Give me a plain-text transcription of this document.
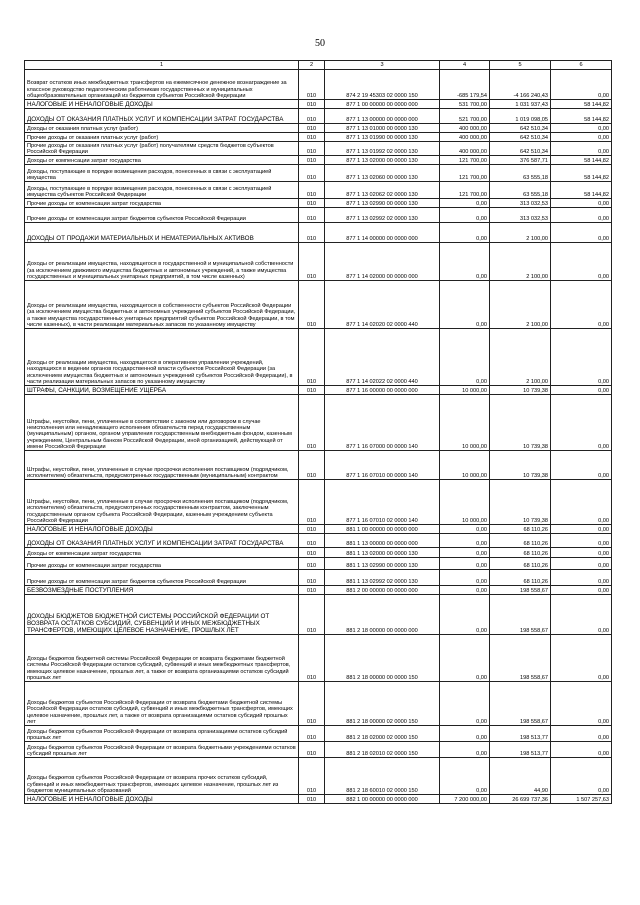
50
1	2	3	4	5	6
Возврат остатков иных межбюджетных трансфертов на ежемесячное денежное вознаграждение за классное руководство педагогическим работникам государственных и муниципальных общеобразовательных организаций из бюджетов субъектов Российской Федерации	010	874 2 19 45303 02 0000 150	-685 179,54	-4 166 240,43	0,00
НАЛОГОВЫЕ И НЕНАЛОГОВЫЕ ДОХОДЫ	010	877 1 00 00000 00 0000 000	531 700,00	1 031 937,43	58 144,82
ДОХОДЫ ОТ ОКАЗАНИЯ ПЛАТНЫХ УСЛУГ И КОМПЕНСАЦИИ ЗАТРАТ ГОСУДАРСТВА	010	877 1 13 00000 00 0000 000	521 700,00	1 019 098,05	58 144,82
Доходы от оказания платных услуг (работ)	010	877 1 13 01000 00 0000 130	400 000,00	642 510,34	0,00
Прочие доходы от оказания платных услуг (работ)	010	877 1 13 01990 00 0000 130	400 000,00	642 510,34	0,00
Прочие доходы от оказания платных услуг (работ) получателями средств бюджетов субъектов Российской Федерации	010	877 1 13 01992 02 0000 130	400 000,00	642 510,34	0,00
Доходы от компенсации затрат государства	010	877 1 13 02000 00 0000 130	121 700,00	376 587,71	58 144,82
Доходы, поступающие в порядке возмещения расходов, понесенных в связи с эксплуатацией имущества	010	877 1 13 02060 00 0000 130	121 700,00	63 555,18	58 144,82
Доходы, поступающие в порядке возмещения расходов, понесенных в связи с эксплуатацией имущества субъектов Российской Федерации	010	877 1 13 02062 02 0000 130	121 700,00	63 555,18	58 144,82
Прочие доходы от компенсации затрат государства	010	877 1 13 02990 00 0000 130	0,00	313 032,53	0,00
Прочие доходы от компенсации затрат бюджетов субъектов Российской Федерации	010	877 1 13 02992 02 0000 130	0,00	313 032,53	0,00
ДОХОДЫ ОТ ПРОДАЖИ МАТЕРИАЛЬНЫХ И НЕМАТЕРИАЛЬНЫХ АКТИВОВ	010	877 1 14 00000 00 0000 000	0,00	2 100,00	0,00
Доходы от реализации имущества, находящегося в государственной и муниципальной собственности (за исключением движимого имущества бюджетных и автономных учреждений, а также имущества государственных и муниципальных унитарных предприятий, в том числе казенных)	010	877 1 14 02000 00 0000 000	0,00	2 100,00	0,00
Доходы от реализации имущества, находящегося в собственности субъектов Российской Федерации (за исключением имущества бюджетных и автономных учреждений субъектов Российской Федерации, а также имущества государственных унитарных предприятий субъектов Российской Федерации, в том числе казенных), в части реализации материальных запасов по указанному имуществу	010	877 1 14 02020 02 0000 440	0,00	2 100,00	0,00
Доходы от реализации имущества, находящегося в оперативном управлении учреждений, находящихся в ведении органов государственной власти субъектов Российской Федерации (за исключением имущества бюджетных и автономных учреждений субъектов Российской Федерации), в части реализации материальных запасов по указанному имуществу	010	877 1 14 02022 02 0000 440	0,00	2 100,00	0,00
ШТРАФЫ, САНКЦИИ, ВОЗМЕЩЕНИЕ УЩЕРБА	010	877 1 16 00000 00 0000 000	10 000,00	10 739,38	0,00
Штрафы, неустойки, пени, уплаченные в соответствии с законом или договором в случае неисполнения или ненадлежащего исполнения обязательств перед государственным (муниципальным) органом, органом управления государственным внебюджетным фондом, казенным учреждением, Центральным банком Российской Федерации, иной организацией, действующей от имени Российской Федерации	010	877 1 16 07000 00 0000 140	10 000,00	10 739,38	0,00
Штрафы, неустойки, пени, уплаченные в случае просрочки исполнения поставщиком (подрядчиком, исполнителем) обязательств, предусмотренных государственным (муниципальным) контрактом	010	877 1 16 07010 00 0000 140	10 000,00	10 739,38	0,00
Штрафы, неустойки, пени, уплаченные в случае просрочки исполнения поставщиком (подрядчиком, исполнителем) обязательств, предусмотренных государственным контрактом, заключенным государственным органом субъекта Российской Федерации, казенным учреждением субъекта Российской Федерации	010	877 1 16 07010 02 0000 140	10 000,00	10 739,38	0,00
НАЛОГОВЫЕ И НЕНАЛОГОВЫЕ ДОХОДЫ	010	881 1 00 00000 00 0000 000	0,00	68 110,26	0,00
ДОХОДЫ ОТ ОКАЗАНИЯ ПЛАТНЫХ УСЛУГ И КОМПЕНСАЦИИ ЗАТРАТ ГОСУДАРСТВА	010	881 1 13 00000 00 0000 000	0,00	68 110,26	0,00
Доходы от компенсации затрат государства	010	881 1 13 02000 00 0000 130	0,00	68 110,26	0,00
Прочие доходы от компенсации затрат государства	010	881 1 13 02990 00 0000 130	0,00	68 110,26	0,00
Прочие доходы от компенсации затрат бюджетов субъектов Российской Федерации	010	881 1 13 02992 02 0000 130	0,00	68 110,26	0,00
БЕЗВОЗМЕЗДНЫЕ ПОСТУПЛЕНИЯ	010	881 2 00 00000 00 0000 000	0,00	198 558,67	0,00
ДОХОДЫ БЮДЖЕТОВ БЮДЖЕТНОЙ СИСТЕМЫ РОССИЙСКОЙ ФЕДЕРАЦИИ ОТ ВОЗВРАТА ОСТАТКОВ СУБСИДИЙ, СУБВЕНЦИЙ И ИНЫХ МЕЖБЮДЖЕТНЫХ ТРАНСФЕРТОВ, ИМЕЮЩИХ ЦЕЛЕВОЕ НАЗНАЧЕНИЕ, ПРОШЛЫХ ЛЕТ	010	881 2 18 00000 00 0000 000	0,00	198 558,67	0,00
Доходы бюджетов бюджетной системы Российской Федерации от возврата бюджетами бюджетной системы Российской Федерации остатков субсидий, субвенций и иных межбюджетных трансфертов, имеющих целевое назначение, прошлых лет, а также от возврата организациями остатков субсидий прошлых лет	010	881 2 18 00000 00 0000 150	0,00	198 558,67	0,00
Доходы бюджетов субъектов Российской Федерации от возврата бюджетами бюджетной системы Российской Федерации остатков субсидий, субвенций и иных межбюджетных трансфертов, имеющих целевое назначение, прошлых лет, а также от возврата организациями остатков субсидий прошлых лет	010	881 2 18 00000 02 0000 150	0,00	198 558,67	0,00
Доходы бюджетов субъектов Российской Федерации от возврата организациями остатков субсидий прошлых лет	010	881 2 18 02000 02 0000 150	0,00	198 513,77	0,00
Доходы бюджетов субъектов Российской Федерации от возврата бюджетными учреждениями остатков субсидий прошлых лет	010	881 2 18 02010 02 0000 150	0,00	198 513,77	0,00
Доходы бюджетов субъектов Российской Федерации от возврата прочих остатков субсидий, субвенций и иных межбюджетных трансфертов, имеющих целевое назначение, прошлых лет из бюджетов муниципальных образований	010	881 2 18 60010 02 0000 150	0,00	44,90	0,00
НАЛОГОВЫЕ И НЕНАЛОГОВЫЕ ДОХОДЫ	010	882 1 00 00000 00 0000 000	7 200 000,00	26 699 737,36	1 507 257,63
